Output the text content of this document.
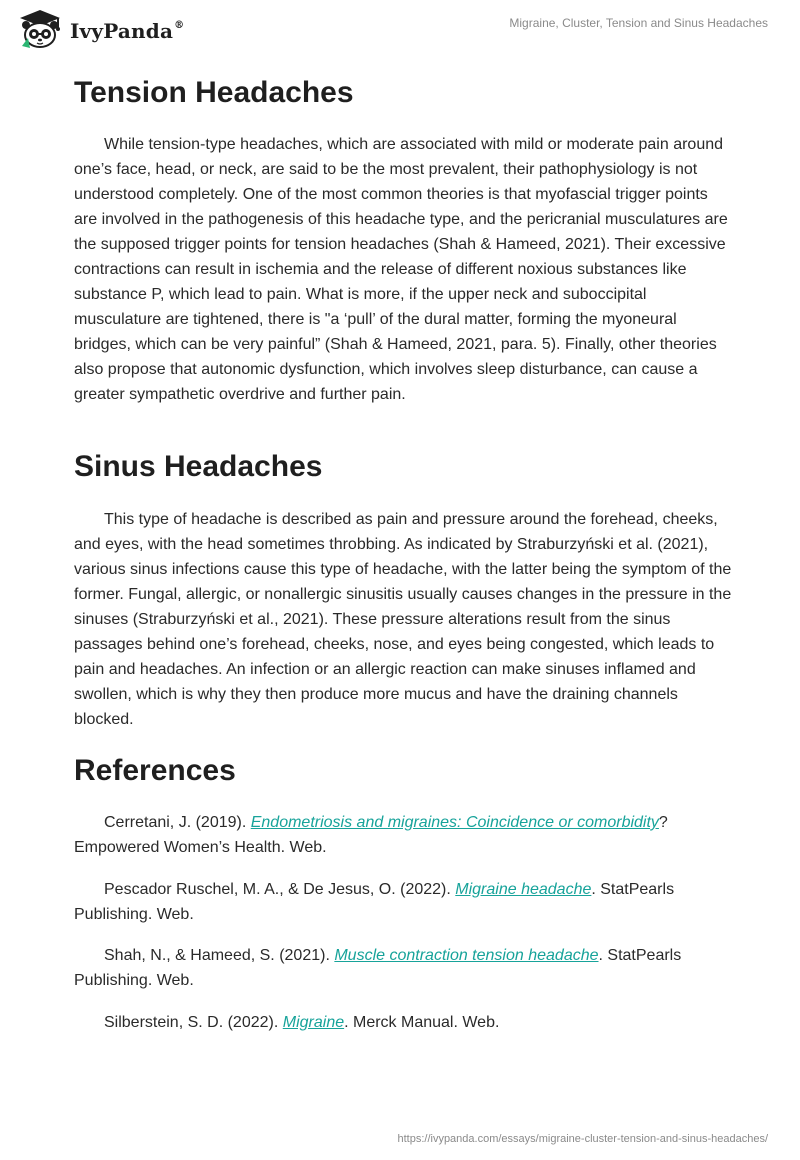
IvyPanda®	Migraine, Cluster, Tension and Sinus Headaches
Tension Headaches

While tension-type headaches, which are associated with mild or moderate pain around one’s face, head, or neck, are said to be the most prevalent, their pathophysiology is not understood completely. One of the most common theories is that myofascial trigger points are involved in the pathogenesis of this headache type, and the pericranial musculatures are the supposed trigger points for tension headaches (Shah & Hameed, 2021). Their excessive contractions can result in ischemia and the release of different noxious substances like substance P, which lead to pain. What is more, if the upper neck and suboccipital musculature are tightened, there is "a ‘pull’ of the dural matter, forming the myoneural bridges, which can be very painful” (Shah & Hameed, 2021, para. 5). Finally, other theories also propose that autonomic dysfunction, which involves sleep disturbance, can cause a greater sympathetic overdrive and further pain.

Sinus Headaches

This type of headache is described as pain and pressure around the forehead, cheeks, and eyes, with the head sometimes throbbing. As indicated by Straburzyński et al. (2021), various sinus infections cause this type of headache, with the latter being the symptom of the former. Fungal, allergic, or nonallergic sinusitis usually causes changes in the pressure in the sinuses (Straburzyński et al., 2021). These pressure alterations result from the sinus passages behind one’s forehead, cheeks, nose, and eyes being congested, which leads to pain and headaches. An infection or an allergic reaction can make sinuses inflamed and swollen, which is why they then produce more mucus and have the draining channels blocked.

References
Cerretani, J. (2019). Endometriosis and migraines: Coincidence or comorbidity? Empowered Women’s Health. Web.
Pescador Ruschel, M. A., & De Jesus, O. (2022). Migraine headache. StatPearls Publishing. Web.
Shah, N., & Hameed, S. (2021). Muscle contraction tension headache. StatPearls Publishing. Web.
Silberstein, S. D. (2022). Migraine. Merck Manual. Web.
https://ivypanda.com/essays/migraine-cluster-tension-and-sinus-headaches/
